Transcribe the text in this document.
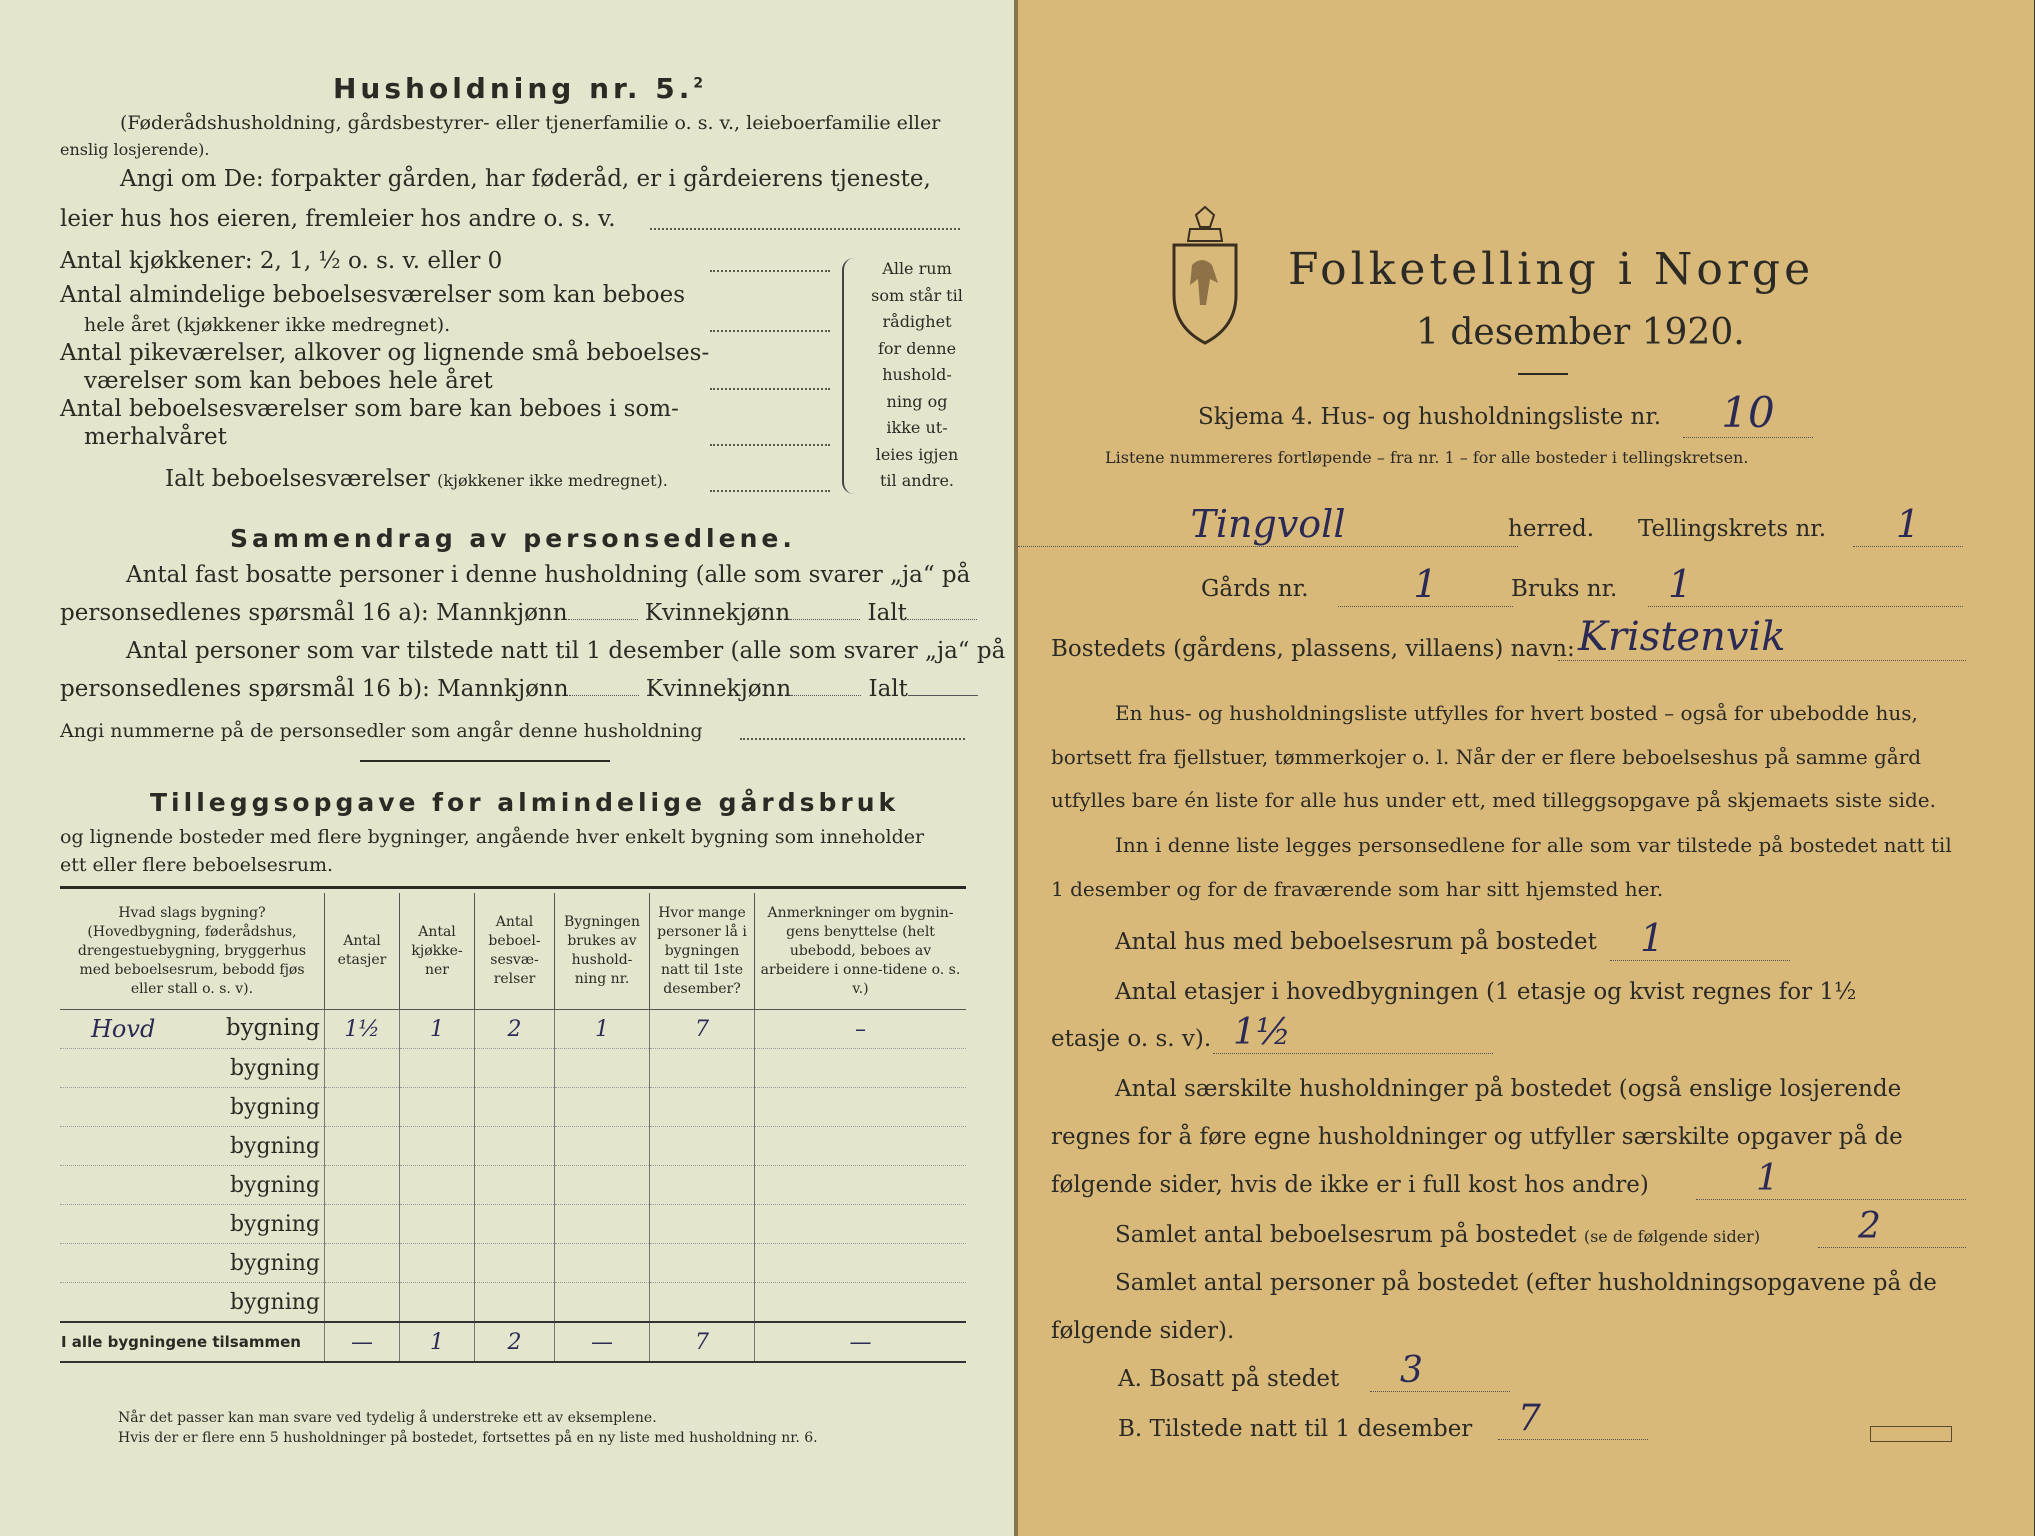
Husholdning nr. 5.$^2$
(Føderådshusholdning, gårdsbestyrer- eller tjenerfamilie o. s. v., leieboerfamilie eller
enslig losjerende).
Angi om De: forpakter gården, har føderåd, er i gårdeierens tjeneste,
leier hus hos eieren, fremleier hos andre o. s. v.
Antal kjøkkener: 2, 1, ½ o. s. v. eller 0
Antal almindelige beboelsesværelser som kan beboes
hele året (kjøkkener ikke medregnet).
Antal pikeværelser, alkover og lignende små beboelses-
værelser som kan beboes hele året
Antal beboelsesværelser som bare kan beboes i som-
merhalvåret
Ialt beboelsesværelser (kjøkkener ikke medregnet).
Alle rum
som står til
rådighet
for denne
hushold-
ning og
ikke ut-
leies igjen
til andre.
Sammendrag av personsedlene.
Antal fast bosatte personer i denne husholdning (alle som svarer „ja“ på
personsedlenes spørsmål 16 a): Mannkjønn	Kvinnekjønn	Ialt
Antal personer som var tilstede natt til 1 desember (alle som svarer „ja“ på
personsedlenes spørsmål 16 b): Mannkjønn	Kvinnekjønn	Ialt
Angi nummerne på de personsedler som angår denne husholdning
Tilleggsopgave for almindelige gårdsbruk
og lignende bosteder med flere bygninger, angående hver enkelt bygning som inneholder
ett eller flere beboelsesrum.
Hvad slags bygning? (Hovedbygning, føderådshus, drengestuebygning, bryggerhus med beboelsesrum, bebodd fjøs eller stall o. s. v).	Antal etasjer	Antal kjøkke-ner	Antal beboel-sesvæ-relser	Bygningen brukes av hushold-ning nr.	Hvor mange personer lå i bygningen natt til 1ste desember?	Anmerkninger om bygnin-gens benyttelse (helt ubebodd, beboes av arbeidere i onne-tidene o. s. v.)

Hovd bygning	1½	1	2	1	7	–
bygning						
bygning						
bygning						
bygning						
bygning						
bygning						
bygning						
I alle bygningene tilsammen	—	1	2	—	7	—
Når det passer kan man svare ved tydelig å understreke ett av eksemplene.
Hvis der er flere enn 5 husholdninger på bostedet, fortsettes på en ny liste med husholdning nr. 6.
Folketelling i Norge
1 desember 1920.
Skjema 4. Hus- og husholdningsliste nr.	10
Listene nummereres fortløpende – fra nr. 1 – for alle bosteder i tellingskretsen.
Tingvoll	herred. Tellingskrets nr.	1
Gårds nr.	1	Bruks nr.	1
Bostedets (gårdens, plassens, villaens) navn: Kristenvik
En hus- og husholdningsliste utfylles for hvert bosted – også for ubebodde hus,
bortsett fra fjellstuer, tømmerkojer o. l. Når der er flere beboelseshus på samme gård
utfylles bare én liste for alle hus under ett, med tilleggsopgave på skjemaets siste side.
Inn i denne liste legges personsedlene for alle som var tilstede på bostedet natt til
1 desember og for de fraværende som har sitt hjemsted her.
Antal hus med beboelsesrum på bostedet	1
Antal etasjer i hovedbygningen (1 etasje og kvist regnes for 1½
etasje o. s. v). 1½
Antal særskilte husholdninger på bostedet (også enslige losjerende
regnes for å føre egne husholdninger og utfyller særskilte opgaver på de
følgende sider, hvis de ikke er i full kost hos andre)	1
Samlet antal beboelsesrum på bostedet (se de følgende sider)	2
Samlet antal personer på bostedet (efter husholdningsopgavene på de
følgende sider).
A. Bosatt på stedet	3
B. Tilstede natt til 1 desember	7
